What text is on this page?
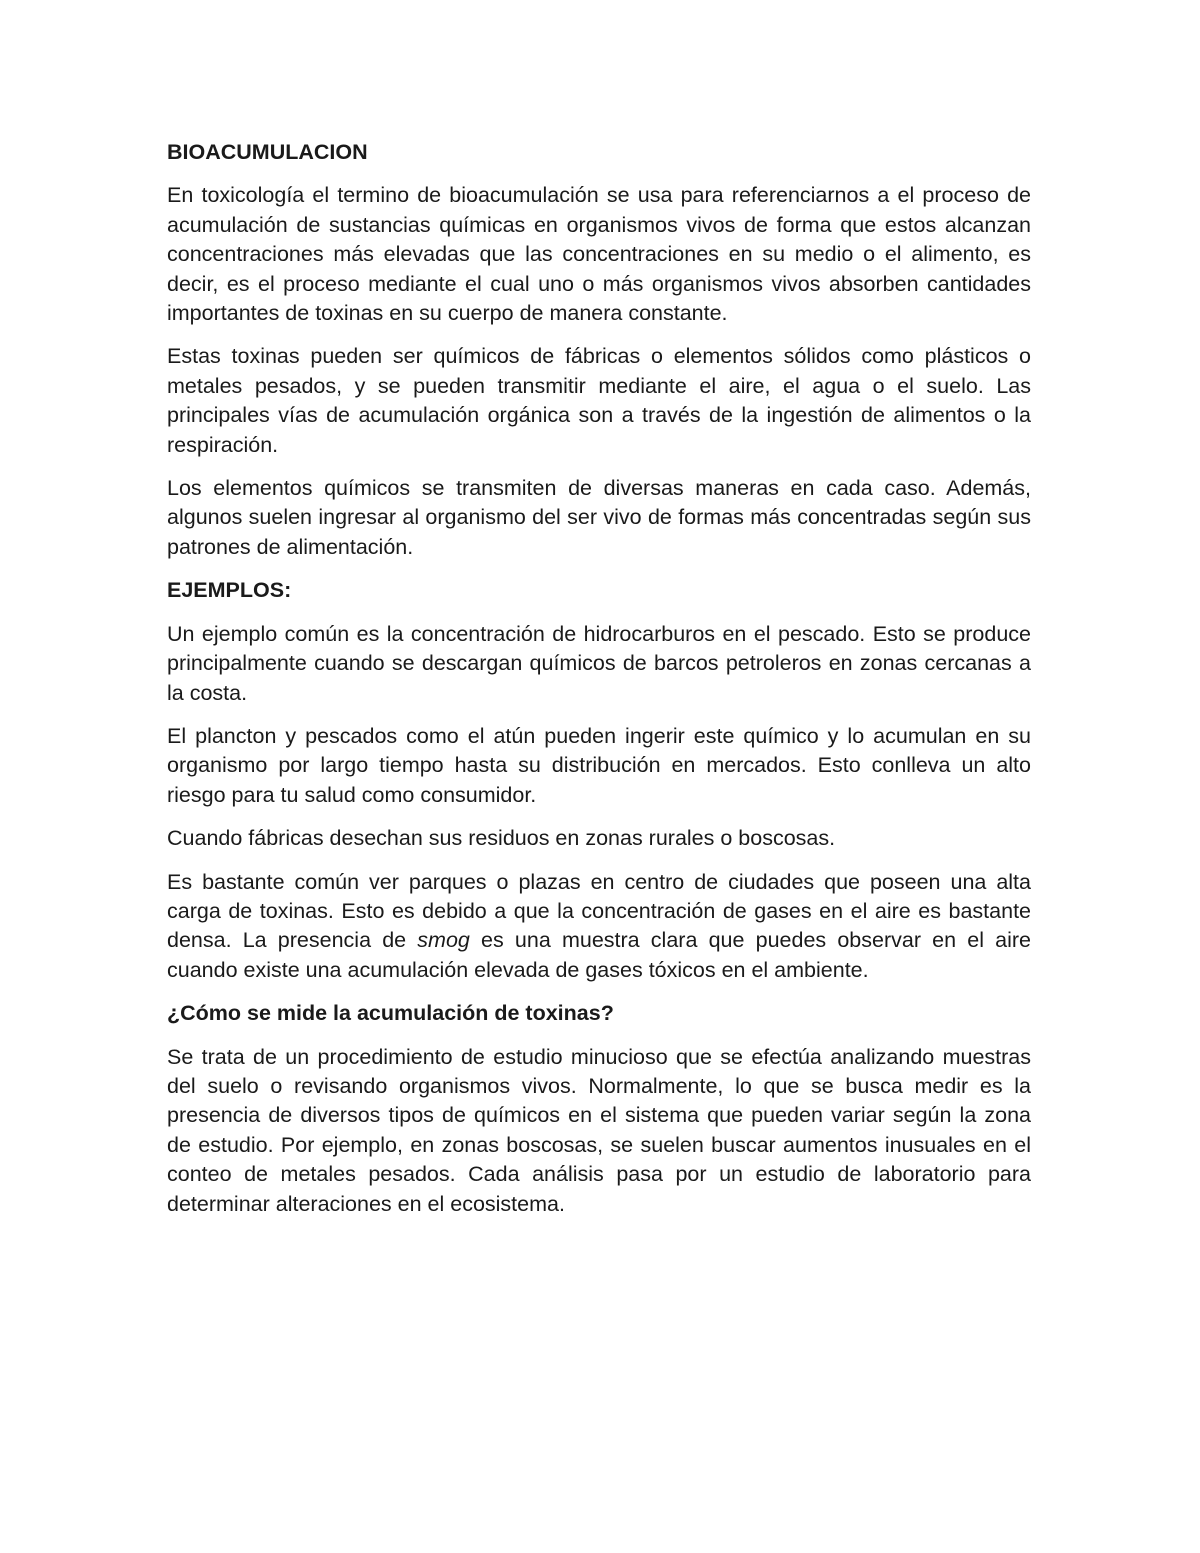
BIOACUMULACION

En toxicología el termino de bioacumulación se usa para referenciarnos a el proceso de acumulación de sustancias químicas en organismos vivos de forma que estos alcanzan concentraciones más elevadas que las concentraciones en su medio o el alimento, es decir, es el proceso mediante el cual uno o más organismos vivos absorben cantidades importantes de toxinas en su cuerpo de manera constante.

Estas toxinas pueden ser químicos de fábricas o elementos sólidos como plásticos o metales pesados, y se pueden transmitir mediante el aire, el agua o el suelo. Las principales vías de acumulación orgánica son a través de la ingestión de alimentos o la respiración.

Los elementos químicos se transmiten de diversas maneras en cada caso. Además, algunos suelen ingresar al organismo del ser vivo de formas más concentradas según sus patrones de alimentación.

EJEMPLOS:

Un ejemplo común es la concentración de hidrocarburos en el pescado. Esto se produce principalmente cuando se descargan químicos de barcos petroleros en zonas cercanas a la costa.

El plancton y pescados como el atún pueden ingerir este químico y lo acumulan en su organismo por largo tiempo hasta su distribución en mercados. Esto conlleva un alto riesgo para tu salud como consumidor.

Cuando fábricas desechan sus residuos en zonas rurales o boscosas.

Es bastante común ver parques o plazas en centro de ciudades que poseen una alta carga de toxinas. Esto es debido a que la concentración de gases en el aire es bastante densa. La presencia de smog es una muestra clara que puedes observar en el aire cuando existe una acumulación elevada de gases tóxicos en el ambiente.

¿Cómo se mide la acumulación de toxinas?

Se trata de un procedimiento de estudio minucioso que se efectúa analizando muestras del suelo o revisando organismos vivos. Normalmente, lo que se busca medir es la presencia de diversos tipos de químicos en el sistema que pueden variar según la zona de estudio. Por ejemplo, en zonas boscosas, se suelen buscar aumentos inusuales en el conteo de metales pesados. Cada análisis pasa por un estudio de laboratorio para determinar alteraciones en el ecosistema.
